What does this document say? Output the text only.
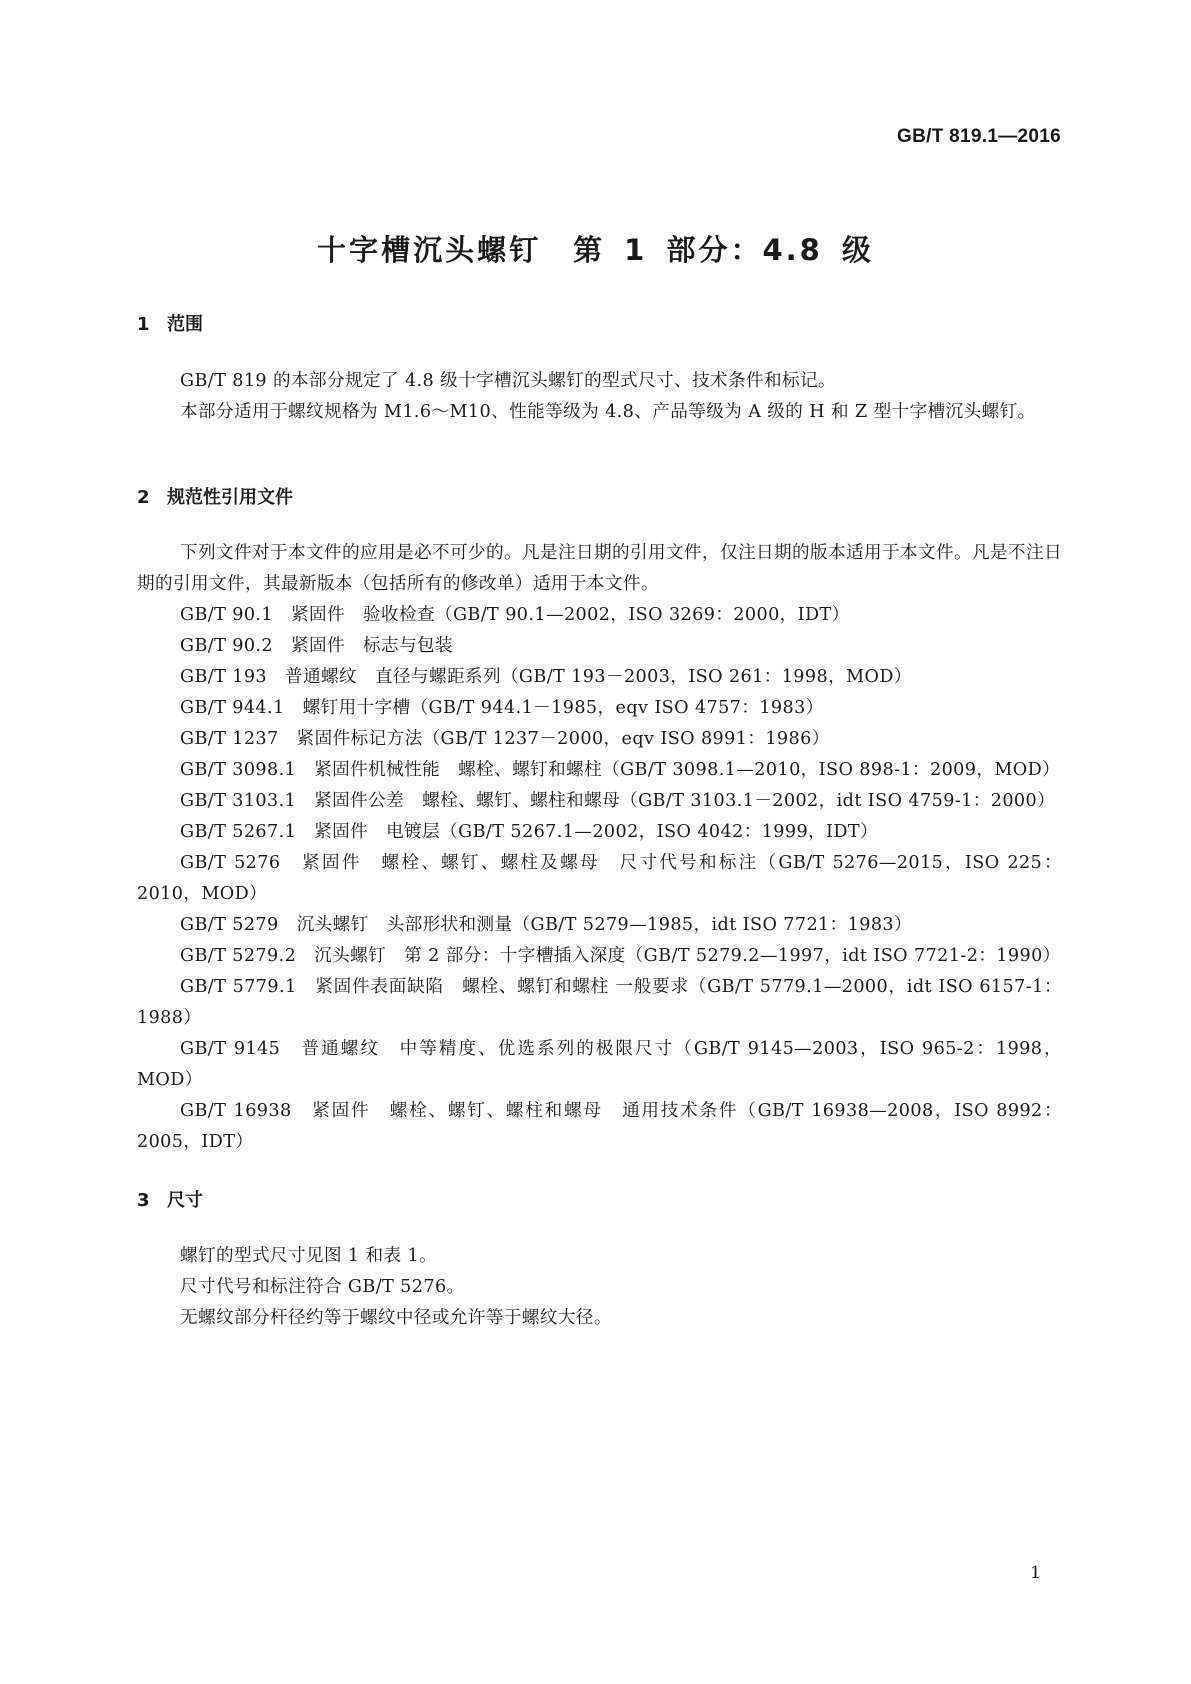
GB/T 819.1—2016
十字槽沉头螺钉　第 1 部分：4.8 级
1 范围

GB/T 819 的本部分规定了 4.8 级十字槽沉头螺钉的型式尺寸、技术条件和标记。

本部分适用于螺纹规格为 M1.6～M10、性能等级为 4.8、产品等级为 A 级的 H 和 Z 型十字槽沉头螺钉。

2 规范性引用文件

下列文件对于本文件的应用是必不可少的。凡是注日期的引用文件，仅注日期的版本适用于本文件。凡是不注日期的引用文件，其最新版本（包括所有的修改单）适用于本文件。

GB/T 90.1　紧固件　验收检查（GB/T 90.1—2002，ISO 3269：2000，IDT）
GB/T 90.2　紧固件　标志与包装
GB/T 193　普通螺纹　直径与螺距系列（GB/T 193－2003，ISO 261：1998，MOD）
GB/T 944.1　螺钉用十字槽（GB/T 944.1－1985，eqv ISO 4757：1983）
GB/T 1237　紧固件标记方法（GB/T 1237－2000，eqv ISO 8991：1986）
GB/T 3098.1　紧固件机械性能　螺栓、螺钉和螺柱（GB/T 3098.1—2010，ISO 898-1：2009，MOD）
GB/T 3103.1　紧固件公差　螺栓、螺钉、螺柱和螺母（GB/T 3103.1－2002，idt ISO 4759-1：2000）
GB/T 5267.1　紧固件　电镀层（GB/T 5267.1—2002，ISO 4042：1999，IDT）
GB/T 5276　紧固件　螺栓、螺钉、螺柱及螺母　尺寸代号和标注（GB/T 5276—2015，ISO 225：2010，MOD）
GB/T 5279　沉头螺钉　头部形状和测量（GB/T 5279—1985，idt ISO 7721：1983）
GB/T 5279.2　沉头螺钉　第 2 部分：十字槽插入深度（GB/T 5279.2—1997，idt ISO 7721-2：1990）
GB/T 5779.1　紧固件表面缺陷　螺栓、螺钉和螺柱 一般要求（GB/T 5779.1—2000，idt ISO 6157-1：1988）
GB/T 9145　普通螺纹　中等精度、优选系列的极限尺寸（GB/T 9145—2003，ISO 965-2：1998，MOD）
GB/T 16938　紧固件　螺栓、螺钉、螺柱和螺母　通用技术条件（GB/T 16938—2008，ISO 8992：2005，IDT）
3 尺寸

螺钉的型式尺寸见图 1 和表 1。

尺寸代号和标注符合 GB/T 5276。

无螺纹部分杆径约等于螺纹中径或允许等于螺纹大径。

1
